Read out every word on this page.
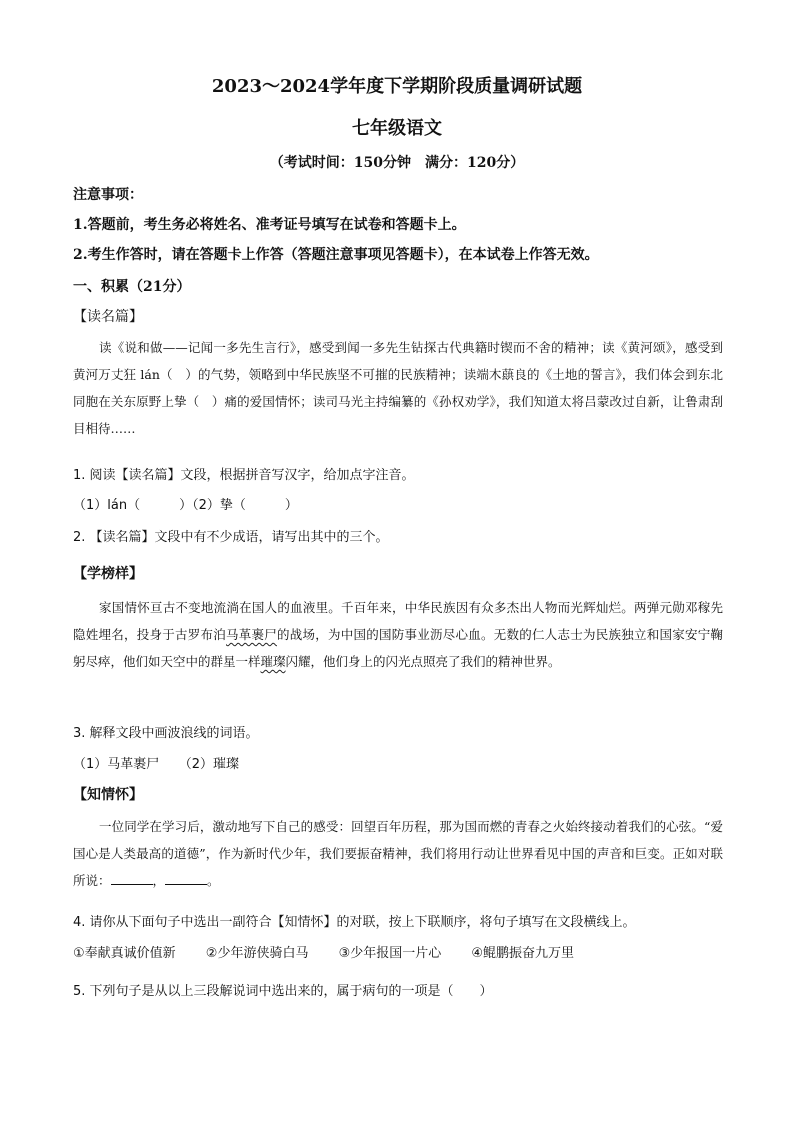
2023～2024学年度下学期阶段质量调研试题
七年级语文
（考试时间：150分钟　满分：120分）
注意事项：
1.答题前，考生务必将姓名、准考证号填写在试卷和答题卡上。
2.考生作答时，请在答题卡上作答（答题注意事项见答题卡），在本试卷上作答无效。
一、积累（21分）
【读名篇】
读《说和做——记闻一多先生言行》，感受到闻一多先生钻探古代典籍时锲而不舍的精神；读《黄河颂》，感受到黄河万丈狂 lán（　）的气势，领略到中华民族坚不可摧的民族精神；读端木蕻良的《土地的誓言》，我们体会到东北同胞在关东原野上挚（　）痛的爱国情怀；读司马光主持编纂的《孙权劝学》，我们知道太将吕蒙改过自新，让鲁肃刮目相待……
1. 阅读【读名篇】文段，根据拼音写汉字，给加点字注音。
（1）lán（　　　）（2）挚（　　　）
2. 【读名篇】文段中有不少成语，请写出其中的三个。
【学榜样】
家国情怀亘古不变地流淌在国人的血液里。千百年来，中华民族因有众多杰出人物而光辉灿烂。两弹元勋邓稼先隐姓埋名，投身于古罗布泊马革裹尸的战场，为中国的国防事业沥尽心血。无数的仁人志士为民族独立和国家安宁鞠躬尽瘁，他们如天空中的群星一样璀璨闪耀，他们身上的闪光点照亮了我们的精神世界。
3. 解释文段中画波浪线的词语。
（1）马革裹尸　　（2）璀璨
【知情怀】
一位同学在学习后，激动地写下自己的感受：回望百年历程，那为国而燃的青春之火始终接动着我们的心弦。“爱国心是人类最高的道德”，作为新时代少年，我们要振奋精神，我们将用行动让世界看见中国的声音和巨变。正如对联所说：	，	。
4. 请你从下面句子中选出一副符合【知情怀】的对联，按上下联顺序，将句子填写在文段横线上。
①奉献真诚价值新 ②少年游侠骑白马 ③少年报国一片心 ④鲲鹏振奋九万里
5. 下列句子是从以上三段解说词中选出来的，属于病句的一项是（　　）
